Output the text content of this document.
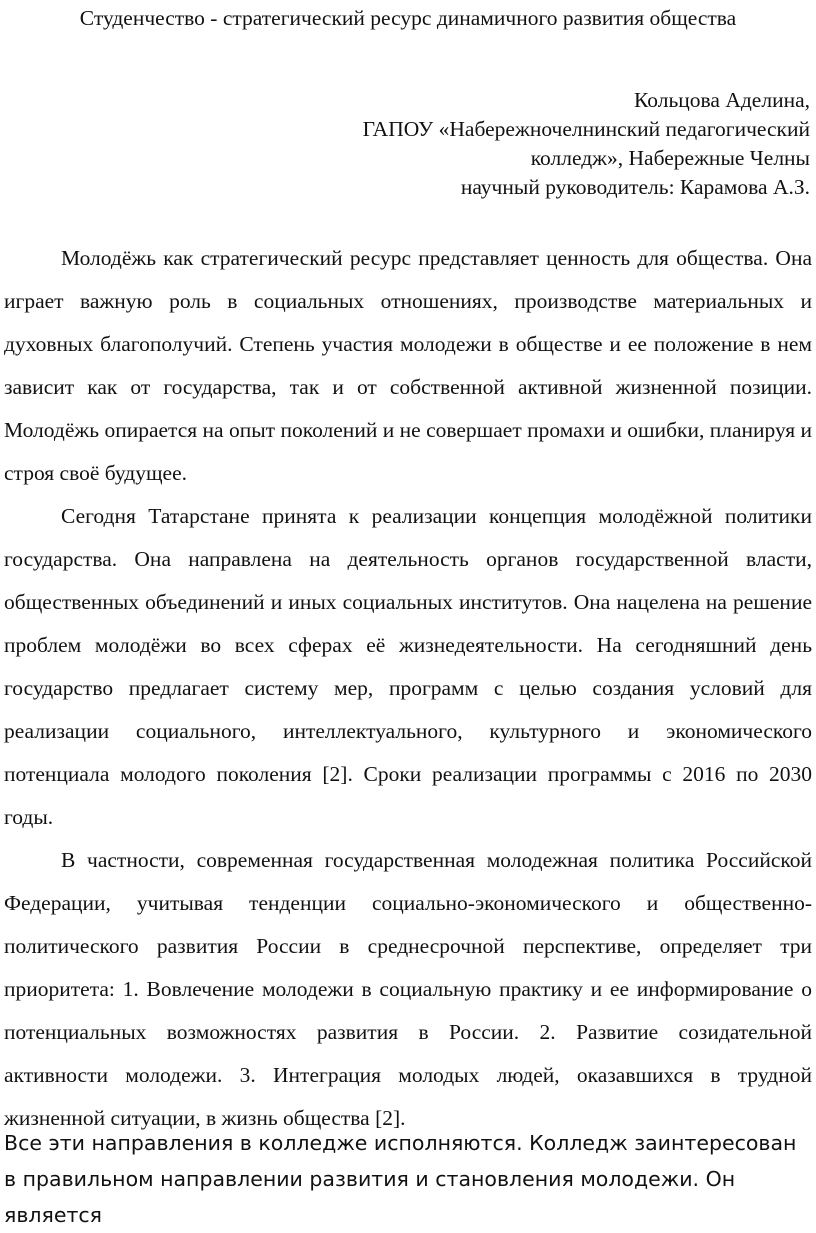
Студенчество - стратегический ресурс динамичного развития общества
Кольцова Аделина,
ГАПОУ «Набережночелнинский педагогический
колледж», Набережные Челны
научный руководитель: Карамова А.З.

Молодёжь как стратегический ресурс представляет ценность для общества. Она играет важную роль в социальных отношениях, производстве материальных и духовных благополучий. Степень участия молодежи в обществе и ее положение в нем зависит как от государства, так и от собственной активной жизненной позиции. Молодёжь опирается на опыт поколений и не совершает промахи и ошибки, планируя и строя своё будущее.

Сегодня Татарстане принята к реализации концепция молодёжной политики государства. Она направлена на деятельность органов государственной власти, общественных объединений и иных социальных институтов. Она нацелена на решение проблем молодёжи во всех сферах её жизнедеятельности. На сегодняшний день государство предлагает систему мер, программ с целью создания условий для реализации социального, интеллектуального, культурного и экономического потенциала молодого поколения [2]. Сроки реализации программы с 2016 по 2030 годы.

В частности, современная государственная молодежная политика Российской Федерации, учитывая тенденции социально-экономического и общественно-политического развития России в среднесрочной перспективе, определяет три приоритета: 1. Вовлечение молодежи в социальную практику и ее информирование о потенциальных возможностях развития в России. 2. Развитие созидательной активности молодежи. 3. Интеграция молодых людей, оказавшихся в трудной жизненной ситуации, в жизнь общества [2].

Все эти направления в колледже исполняются. Колледж заинтересован в правильном направлении развития и становления молодежи. Он является
